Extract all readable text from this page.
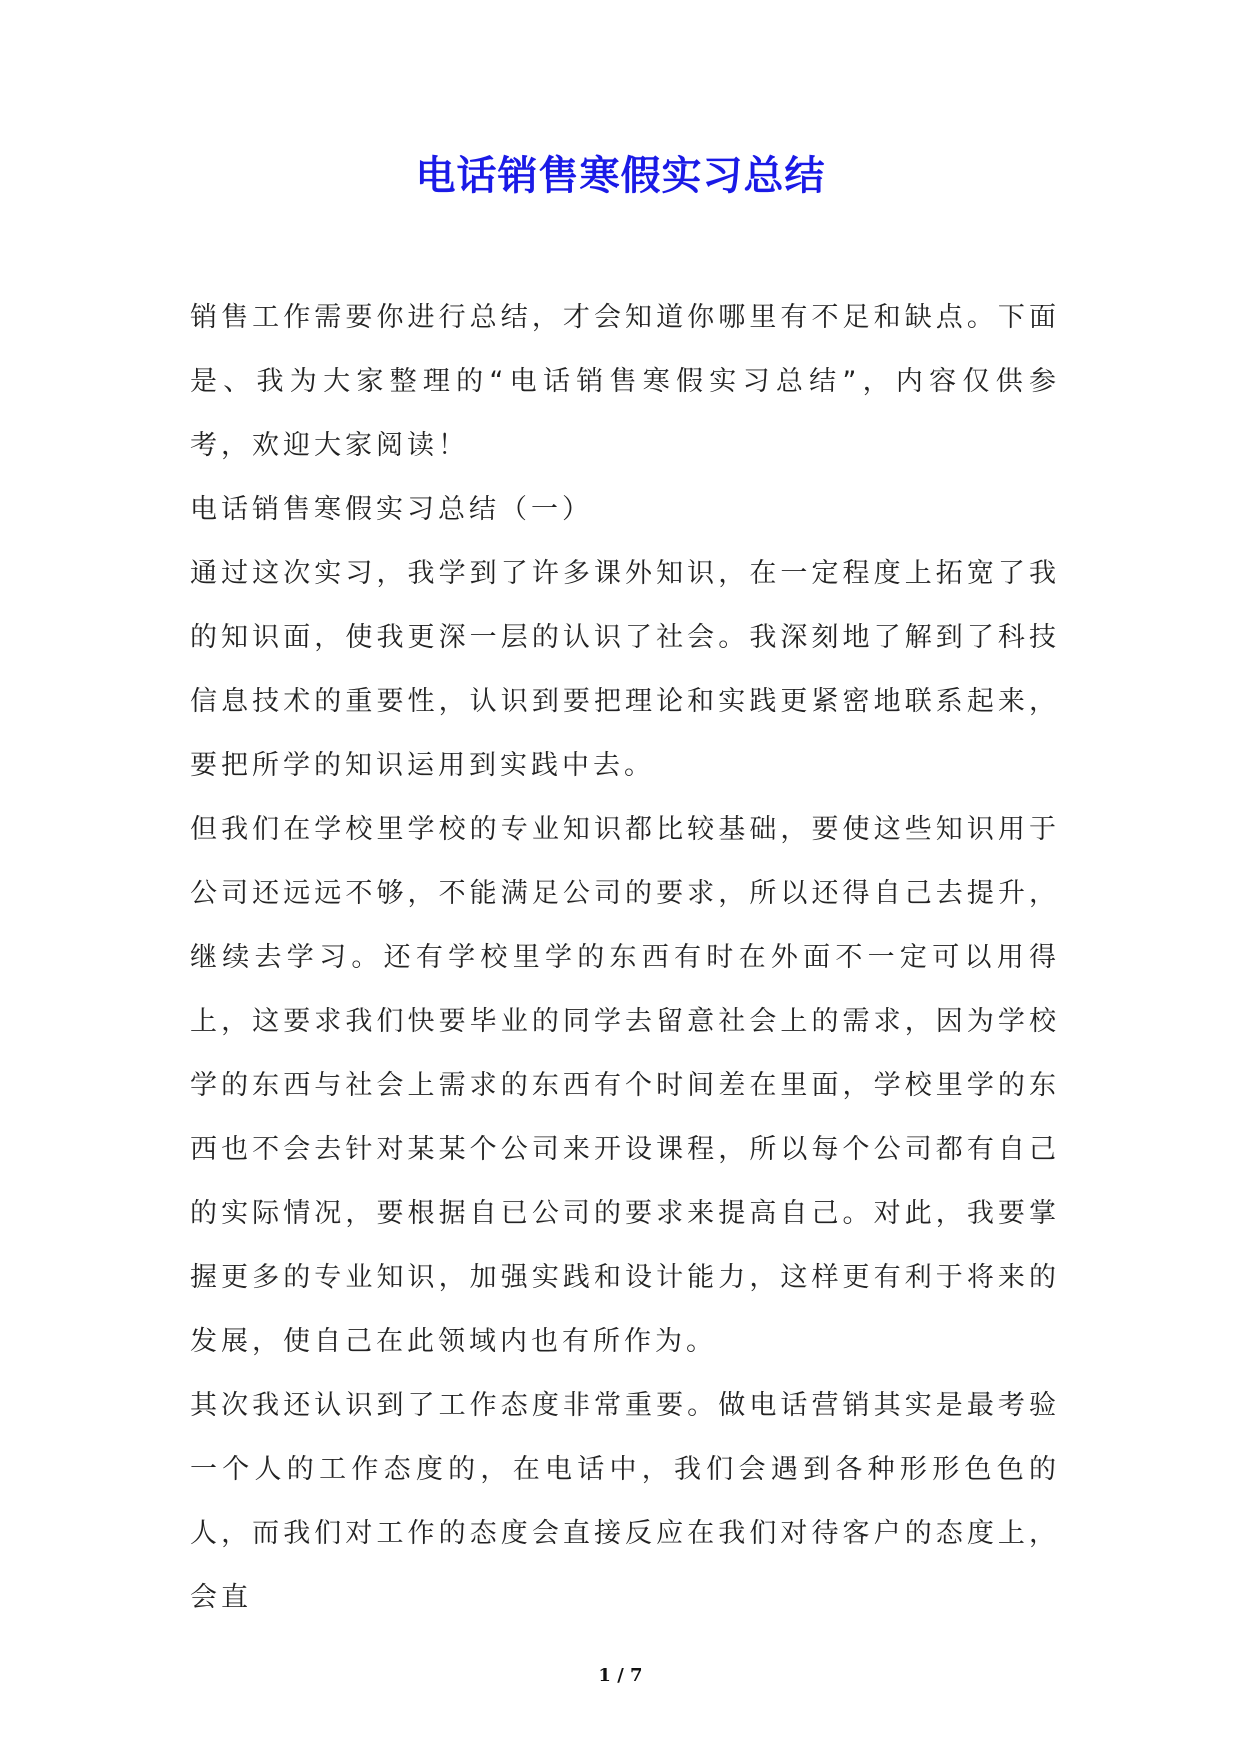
电话销售寒假实习总结

销售工作需要你进行总结，才会知道你哪里有不足和缺点。下面是、我为大家整理的“电话销售寒假实习总结”，内容仅供参考，欢迎大家阅读！

电话销售寒假实习总结（一）

通过这次实习，我学到了许多课外知识，在一定程度上拓宽了我的知识面，使我更深一层的认识了社会。我深刻地了解到了科技信息技术的重要性，认识到要把理论和实践更紧密地联系起来，要把所学的知识运用到实践中去。

但我们在学校里学校的专业知识都比较基础，要使这些知识用于公司还远远不够，不能满足公司的要求，所以还得自己去提升，继续去学习。还有学校里学的东西有时在外面不一定可以用得上，这要求我们快要毕业的同学去留意社会上的需求，因为学校学的东西与社会上需求的东西有个时间差在里面，学校里学的东西也不会去针对某某个公司来开设课程，所以每个公司都有自己的实际情况，要根据自已公司的要求来提高自己。对此，我要掌握更多的专业知识，加强实践和设计能力，这样更有利于将来的发展，使自己在此领域内也有所作为。

其次我还认识到了工作态度非常重要。做电话营销其实是最考验一个人的工作态度的，在电话中，我们会遇到各种形形色色的人，而我们对工作的态度会直接反应在我们对待客户的态度上，会直

1 / 7
